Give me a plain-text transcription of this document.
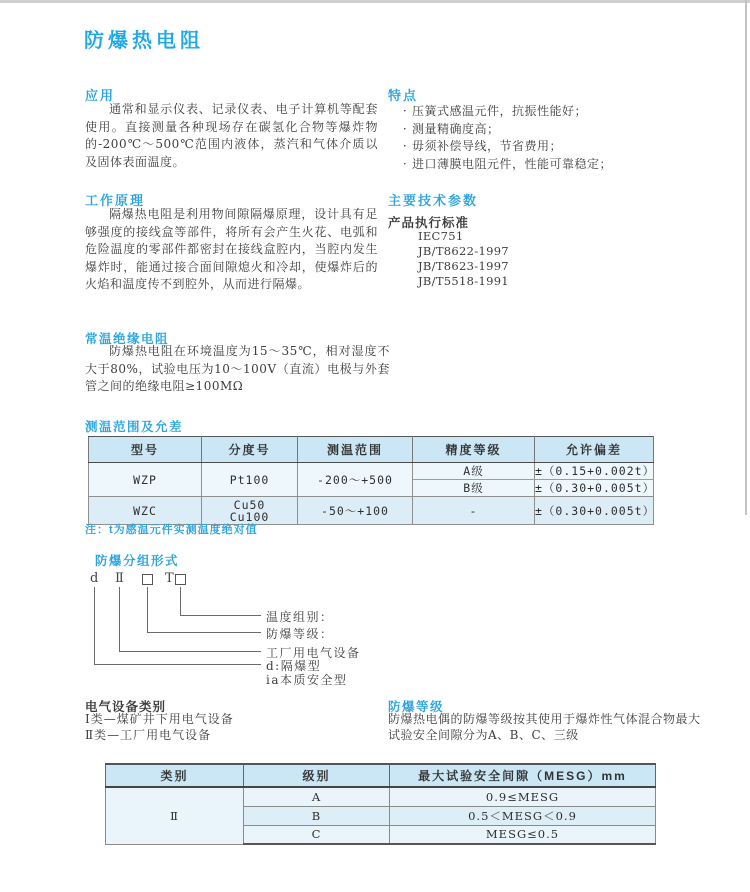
防爆热电阻
应用
通常和显示仪表、记录仪表、电子计算机等配套使用。直接测量各种现场存在碳氢化合物等爆炸物的-200℃～500℃范围内液体，蒸汽和气体介质以及固体表面温度。
特点
· 压簧式感温元件，抗振性能好；
· 测量精确度高；
· 毋须补偿导线，节省费用；
· 进口薄膜电阻元件，性能可靠稳定；
工作原理
隔爆热电阻是利用物间隙隔爆原理，设计具有足够强度的接线盒等部件，将所有会产生火花、电弧和危险温度的零部件都密封在接线盒腔内，当腔内发生爆炸时，能通过接合面间隙熄火和冷却，使爆炸后的火焰和温度传不到腔外，从而进行隔爆。
主要技术参数
产品执行标准
IEC751
JB/T8622-1997
JB/T8623-1997
JB/T5518-1991
常温绝缘电阻
防爆热电阻在环境温度为15～35℃，相对湿度不大于80%，试验电压为10～100V（直流）电极与外套管之间的绝缘电阻≥100MΩ
测温范围及允差
型号	分度号	测温范围	精度等级	允许偏差
WZP	Pt100	-200～+500	A级	±（0.15+0.002t）
			B级	±（0.30+0.005t）
WZC	Cu50
Cu100	-50～+100	-	±（0.30+0.005t）
注：t为感温元件实测温度绝对值
防爆分组形式
d Ⅱ	T
温度组别：
防爆等级：
工厂用电气设备
d:隔爆型
ia本质安全型
电气设备类别
Ⅰ类—煤矿井下用电气设备
Ⅱ类—工厂用电气设备
防爆等级
防爆热电偶的防爆等级按其使用于爆炸性气体混合物最大试验安全间隙分为A、B、C、三级
类别	级别	最大试验安全间隙（MESG）mm
Ⅱ	A	0.9≤MESG
	B	0.5＜MESG＜0.9
	C	MESG≤0.5
